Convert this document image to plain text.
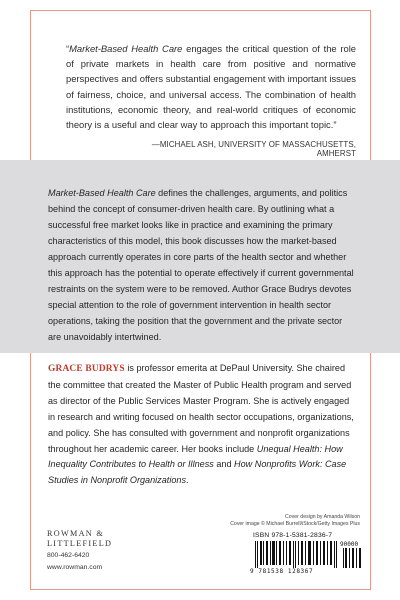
“Market-Based Health Care engages the critical question of the role of private markets in health care from positive and normative perspectives and offers substantial engagement with important issues of fairness, choice, and universal access. The combination of health institutions, economic theory, and real-world critiques of economic theory is a useful and clear way to approach this important topic.”
—MICHAEL ASH, UNIVERSITY OF MASSACHUSETTS, AMHERST
Market-Based Health Care defines the challenges, arguments, and politics behind the concept of consumer-driven health care. By outlining what a successful free market looks like in practice and examining the primary characteristics of this model, this book discusses how the market-based approach currently operates in core parts of the health sector and whether this approach has the potential to operate effectively if current governmental restraints on the system were to be removed. Author Grace Budrys devotes special attention to the role of government intervention in health sector operations, taking the position that the government and the private sector are unavoidably intertwined.
GRACE BUDRYS is professor emerita at DePaul University. She chaired the committee that created the Master of Public Health program and served as director of the Public Services Master Program. She is actively engaged in research and writing focused on health sector occupations, organizations, and policy. She has consulted with government and nonprofit organizations throughout her academic career. Her books include Unequal Health: How Inequality Contributes to Health or Illness and How Nonprofits Work: Case Studies in Nonprofit Organizations.
Cover design by Amanda Wilson
Cover image © Michael Burrell/iStock/Getty Images Plus
ROWMAN &
LITTLEFIELD
800-462-6420
www.rowman.com
ISBN 978-1-5381-2836-7
90000
9 781538 128367
